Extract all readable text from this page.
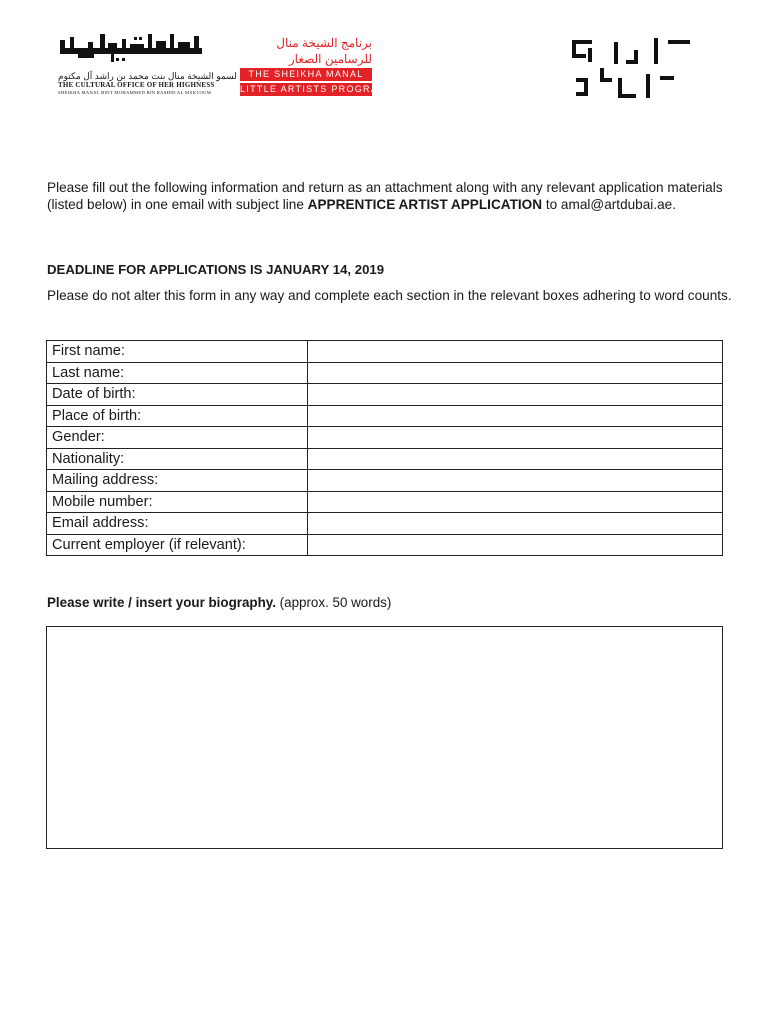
لسمو الشيخة منال بنت محمد بن راشد آل مكتوم
THE CULTURAL OFFICE OF HER HIGHNESS
SHEIKHA MANAL BINT MOHAMMED BIN RASHID AL MAKTOUM
برنامج الشيخة منال
للرسامين الصغار
THE SHEIKHA MANAL
LITTLE ARTISTS PROGRAM
Please fill out the following information and return as an attachment along with any relevant application materials (listed below) in one email with subject line APPRENTICE ARTIST APPLICATION to amal@artdubai.ae.
DEADLINE FOR APPLICATIONS IS JANUARY 14, 2019
Please do not alter this form in any way and complete each section in the relevant boxes adhering to word counts.
First name:	
Last name:	
Date of birth:	
Place of birth:	
Gender:	
Nationality:	
Mailing address:	
Mobile number:	
Email address:	
Current employer (if relevant):	
Please write / insert your biography. (approx. 50 words)
